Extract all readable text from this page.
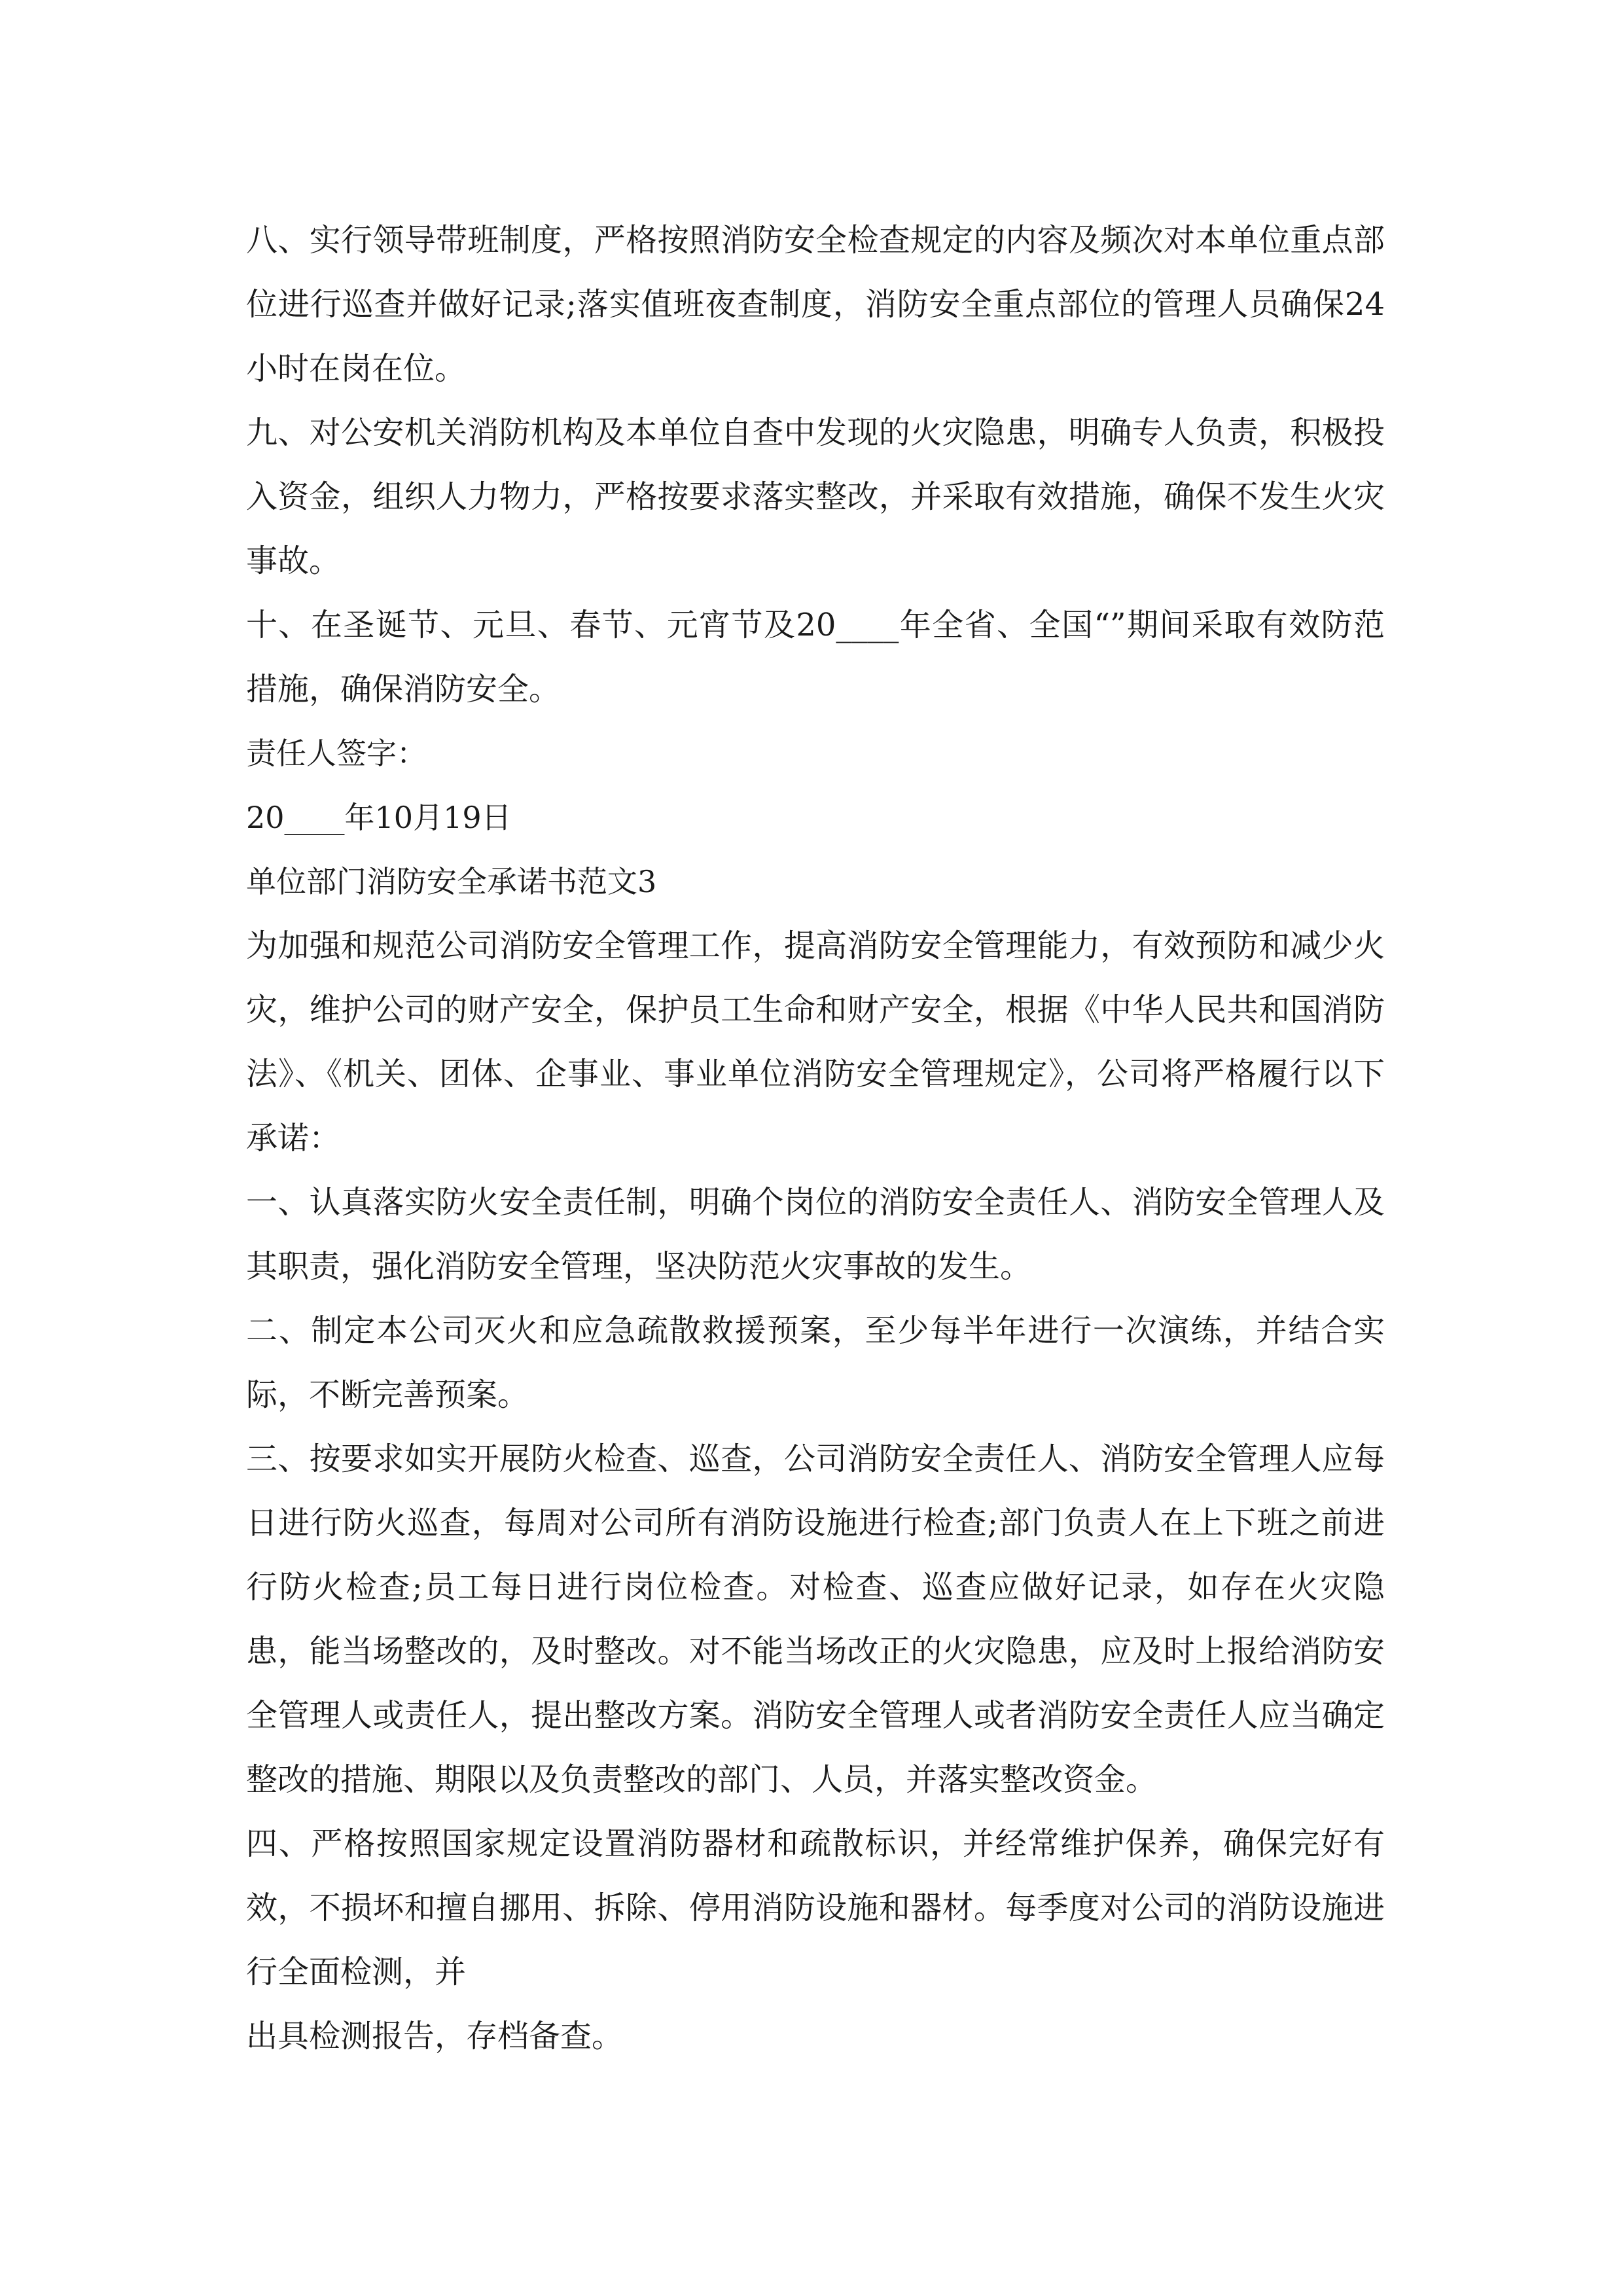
八、实行领导带班制度，严格按照消防安全检查规定的内容及频次对本单位重点部位进行巡查并做好记录;落实值班夜查制度，消防安全重点部位的管理人员确保24小时在岗在位。

九、对公安机关消防机构及本单位自查中发现的火灾隐患，明确专人负责，积极投入资金，组织人力物力，严格按要求落实整改，并采取有效措施，确保不发生火灾事故。

十、在圣诞节、元旦、春节、元宵节及20____年全省、全国“”期间采取有效防范措施，确保消防安全。

责任人签字：

20____年10月19日

单位部门消防安全承诺书范文3

为加强和规范公司消防安全管理工作，提高消防安全管理能力，有效预防和减少火灾，维护公司的财产安全，保护员工生命和财产安全，根据《中华人民共和国消防法》、《机关、团体、企事业、事业单位消防安全管理规定》，公司将严格履行以下承诺：

一、认真落实防火安全责任制，明确个岗位的消防安全责任人、消防安全管理人及其职责，强化消防安全管理，坚决防范火灾事故的发生。

二、制定本公司灭火和应急疏散救援预案，至少每半年进行一次演练，并结合实际，不断完善预案。

三、按要求如实开展防火检查、巡查，公司消防安全责任人、消防安全管理人应每日进行防火巡查，每周对公司所有消防设施进行检查;部门负责人在上下班之前进行防火检查;员工每日进行岗位检查。对检查、巡查应做好记录，如存在火灾隐患，能当场整改的，及时整改。对不能当场改正的火灾隐患，应及时上报给消防安全管理人或责任人，提出整改方案。消防安全管理人或者消防安全责任人应当确定整改的措施、期限以及负责整改的部门、人员，并落实整改资金。

四、严格按照国家规定设置消防器材和疏散标识，并经常维护保养，确保完好有效，不损坏和擅自挪用、拆除、停用消防设施和器材。每季度对公司的消防设施进行全面检测，并

出具检测报告，存档备查。
